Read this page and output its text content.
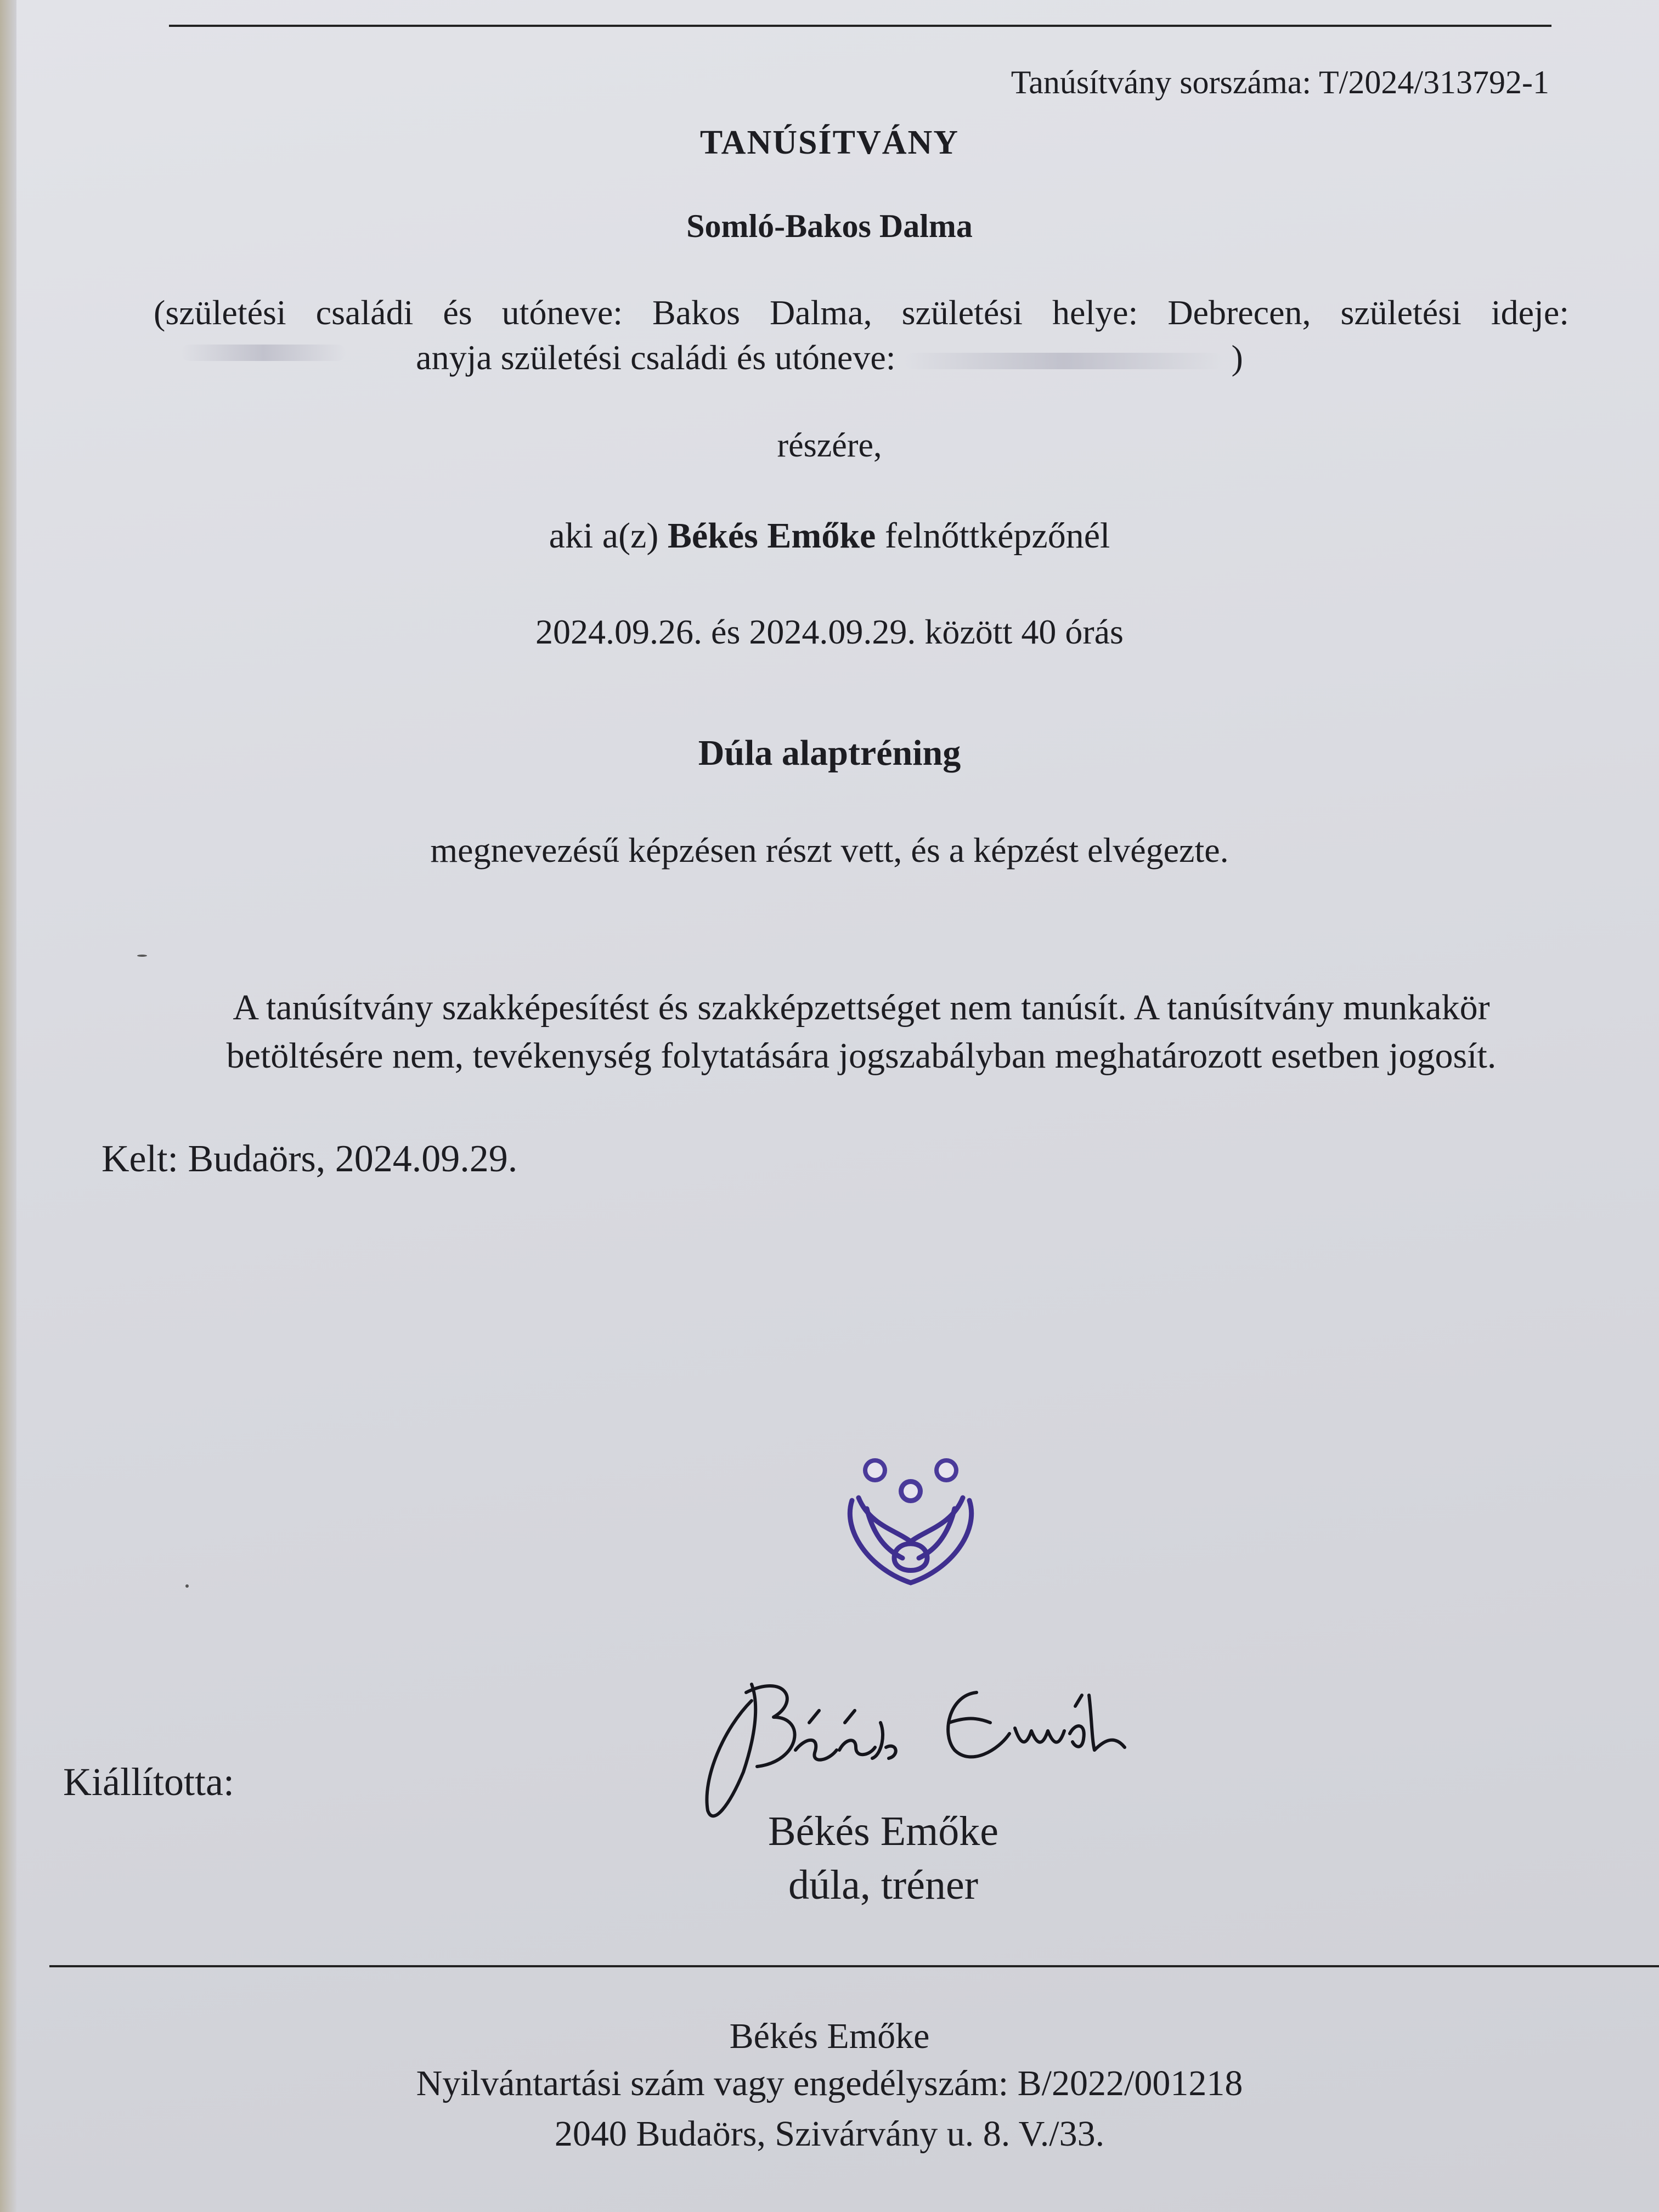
Tanúsítvány sorszáma: T/2024/313792-1
TANÚSÍTVÁNY
Somló-Bakos Dalma
(születési családi és utóneve: Bakos Dalma, születési helye: Debrecen, születési ideje:
anyja születési családi és utóneve:	)
részére,
aki a(z) Békés Emőke felnőttképzőnél
2024.09.26. és 2024.09.29. között 40 órás
Dúla alaptréning
megnevezésű képzésen részt vett, és a képzést elvégezte.
A tanúsítvány szakképesítést és szakképzettséget nem tanúsít. A tanúsítvány munkakör
betöltésére nem, tevékenység folytatására jogszabályban meghatározott esetben jogosít.
Kelt: Budaörs, 2024.09.29.
Kiállította:
Békés Emőke
dúla, tréner
Békés Emőke
Nyilvántartási szám vagy engedélyszám: B/2022/001218
2040 Budaörs, Szivárvány u. 8. V./33.
